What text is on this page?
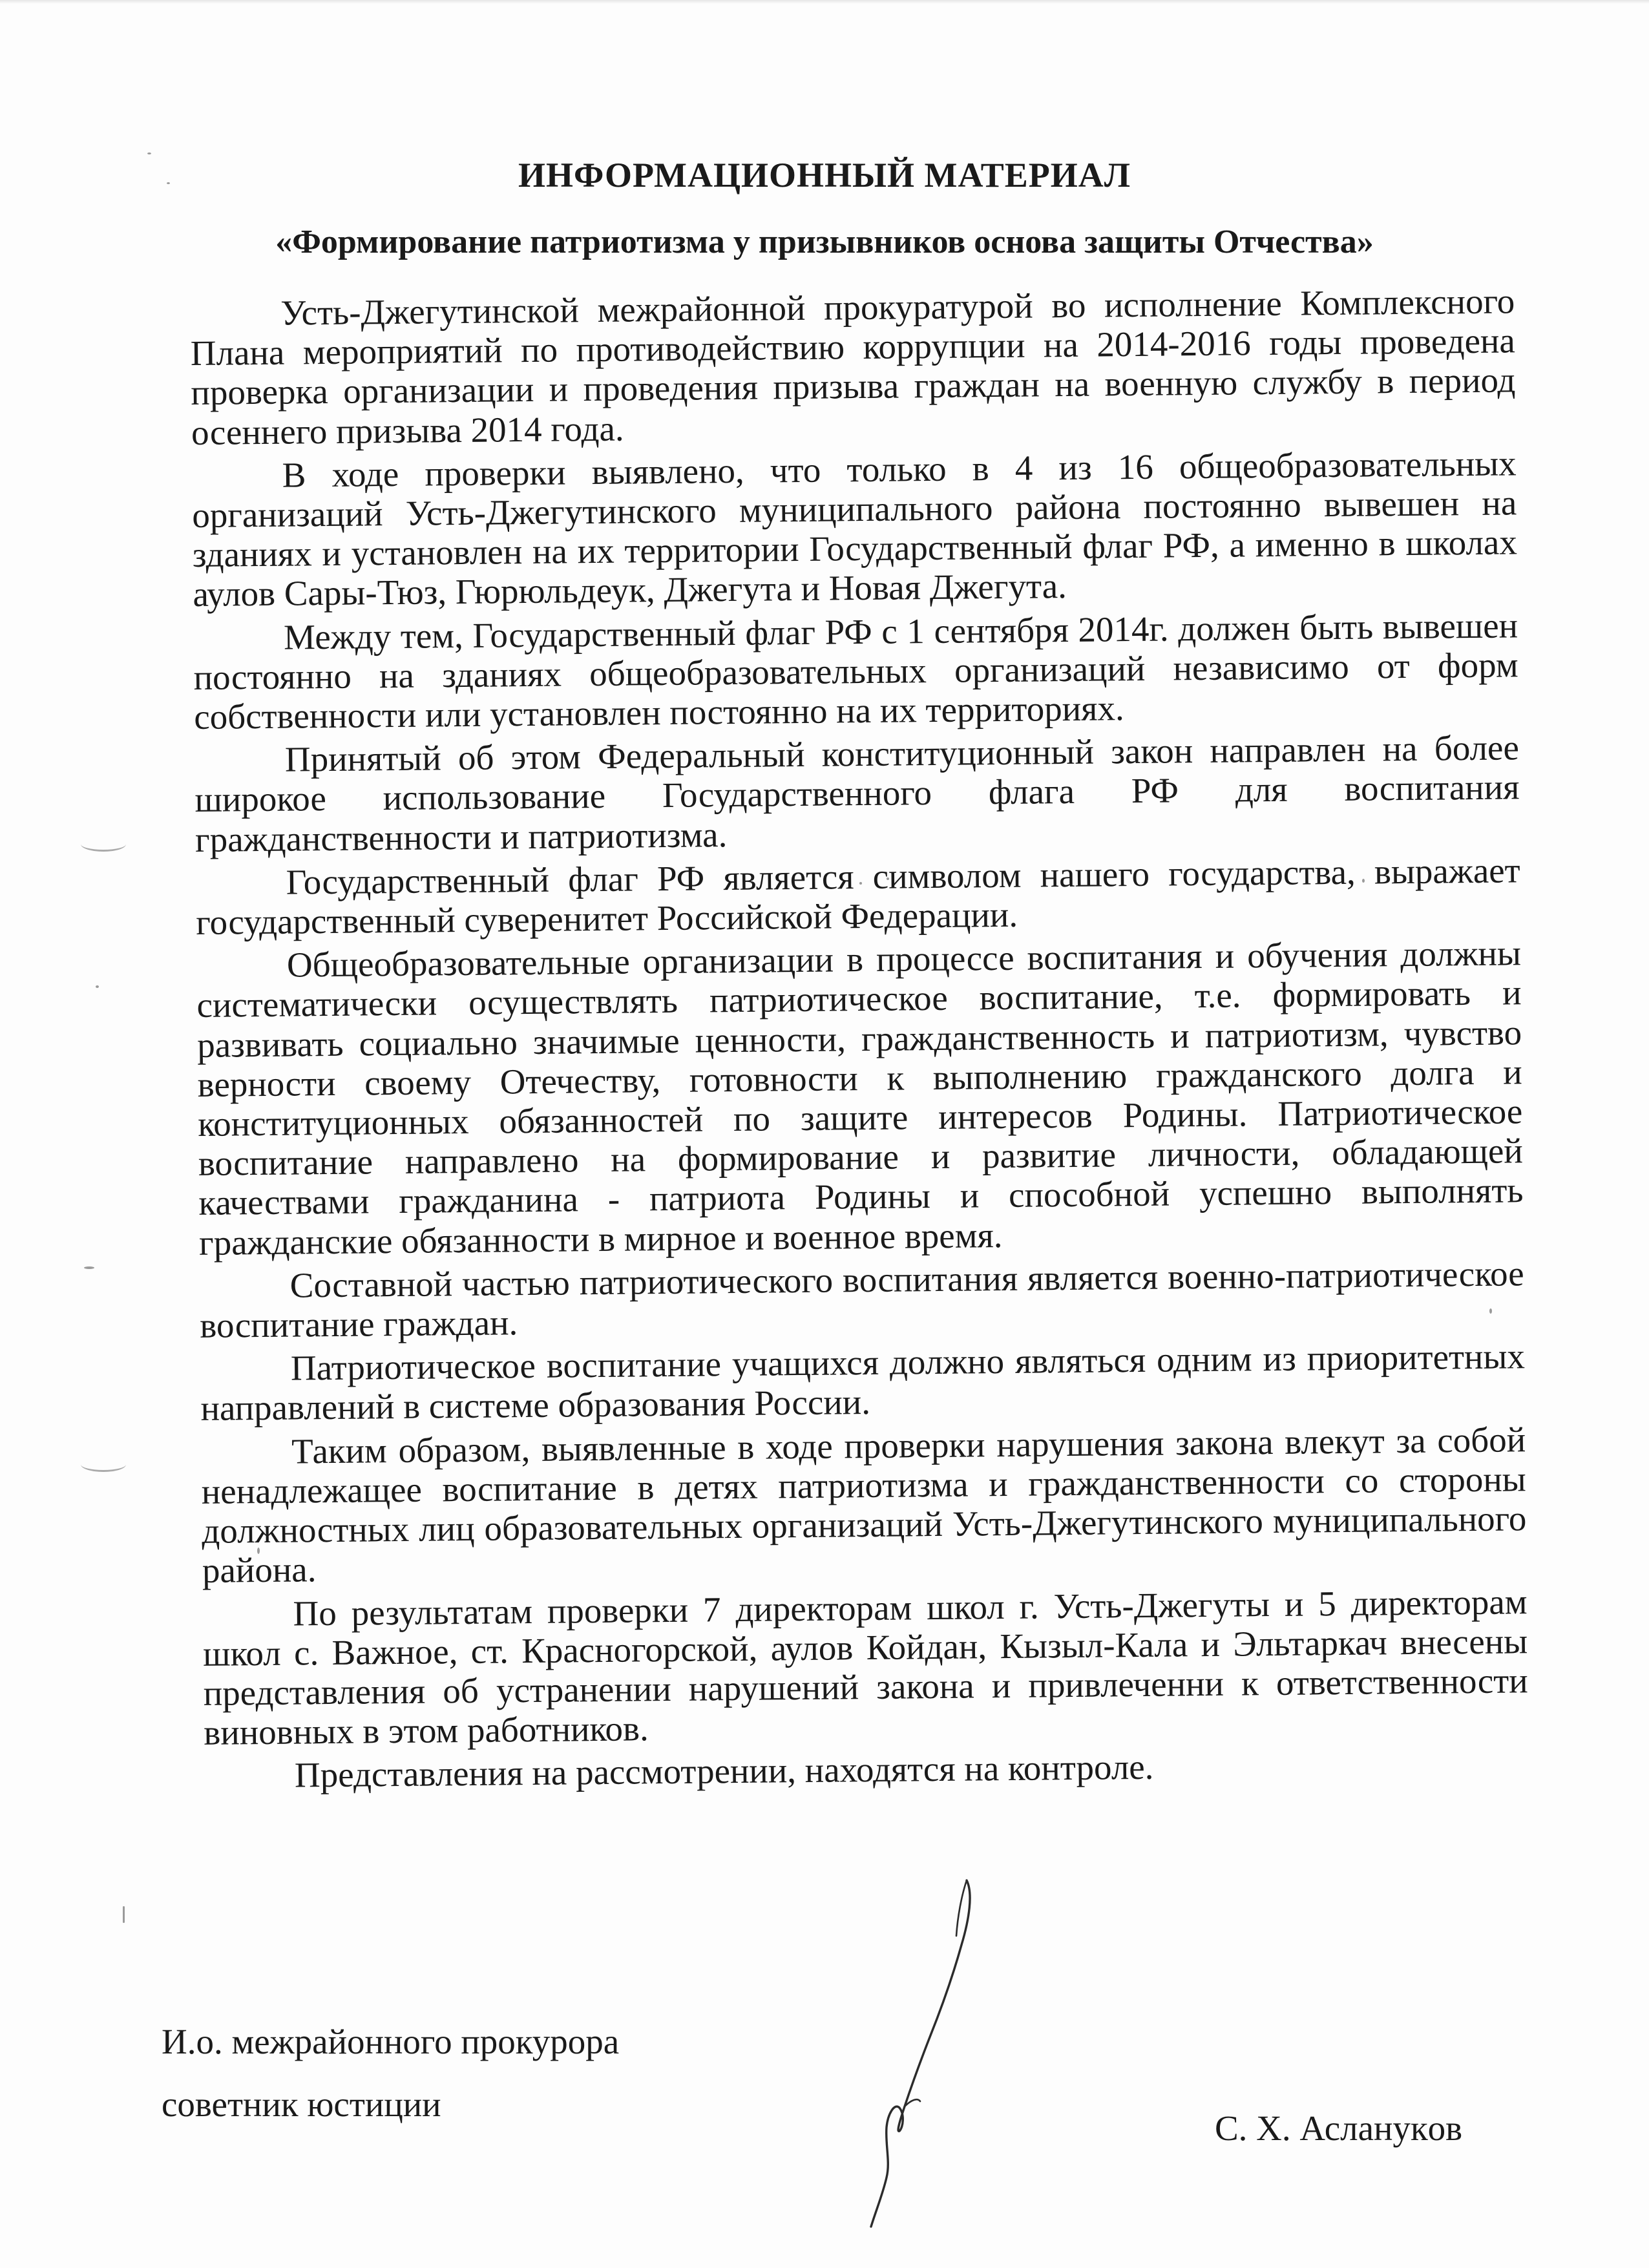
ИНФОРМАЦИОННЫЙ МАТЕРИАЛ
«Формирование патриотизма у призывников основа защиты Отчества»

Усть-Джегутинской межрайонной прокуратурой во исполнение Комплексного Плана мероприятий по противодействию коррупции на 2014-2016 годы проведена проверка организации и проведения призыва граждан на военную службу в период осеннего призыва 2014 года.

В ходе проверки выявлено, что только в 4 из 16 общеобразовательных организаций Усть-Джегутинского муниципального района постоянно вывешен на зданиях и установлен на их территории Государственный флаг РФ, а именно в школах аулов Сары-Тюз, Гюрюльдеук, Джегута и Новая Джегута.

Между тем, Государственный флаг РФ с 1 сентября 2014г. должен быть вывешен постоянно на зданиях общеобразовательных организаций независимо от форм собственности или установлен постоянно на их территориях.

Принятый об этом Федеральный конституционный закон направлен на более широкое использование Государственного флага РФ для воспитания гражданственности и патриотизма.

Государственный флаг РФ является символом нашего государства, выражает государственный суверенитет Российской Федерации.

Общеобразовательные организации в процессе воспитания и обучения должны систематически осуществлять патриотическое воспитание, т.е. формировать и развивать социально значимые ценности, гражданственность и патриотизм, чувство верности своему Отечеству, готовности к выполнению гражданского долга и конституционных обязанностей по защите интересов Родины. Патриотическое воспитание направлено на формирование и развитие личности, обладающей качествами гражданина - патриота Родины и способной успешно выполнять гражданские обязанности в мирное и военное время.

Составной частью патриотического воспитания является военно-патриотическое воспитание граждан.

Патриотическое воспитание учащихся должно являться одним из приоритетных направлений в системе образования России.

Таким образом, выявленные в ходе проверки нарушения закона влекут за собой ненадлежащее воспитание в детях патриотизма и гражданственности со стороны должностных лиц образовательных организаций Усть-Джегутинского муниципального района.

По результатам проверки 7 директорам школ г. Усть-Джегуты и 5 директорам школ с. Важное, ст. Красногорской, аулов Койдан, Кызыл-Кала и Эльтаркач внесены представления об устранении нарушений закона и привлеченни к ответственности виновных в этом работников.

Представления на рассмотрении, находятся на контроле.

И.о. межрайонного прокурора
советник юстиции
С. Х. Асланукoв
